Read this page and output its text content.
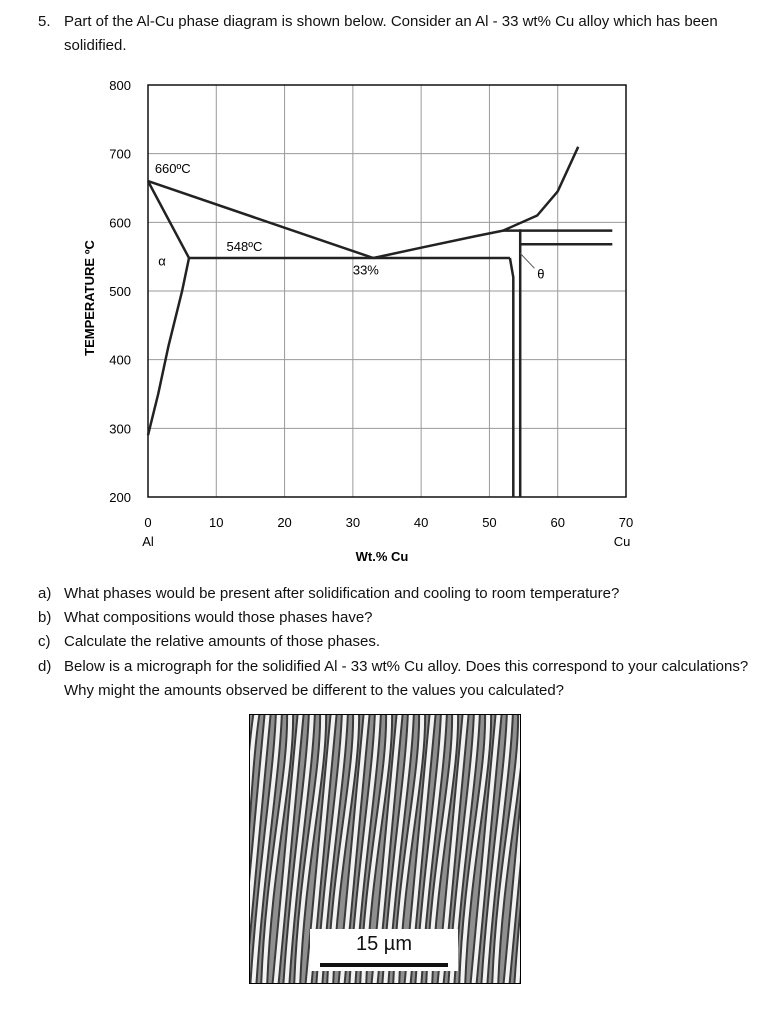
5. Part of the Al-Cu phase diagram is shown below. Consider an Al - 33 wt% Cu alloy which has been solidified.
0	10	20	30	40	50	60	70
200
300
400
500
600
700
800
660ºC
548ºC
33%
α
θ
Wt.% Cu
TEMPERATURE ºC
Al	Cu
a) What phases would be present after solidification and cooling to room temperature?
b) What compositions would those phases have?
c) Calculate the relative amounts of those phases.
d) Below is a micrograph for the solidified Al - 33 wt% Cu alloy. Does this correspond to your calculations? Why might the amounts observed be different to the values you calculated?
15 µm
